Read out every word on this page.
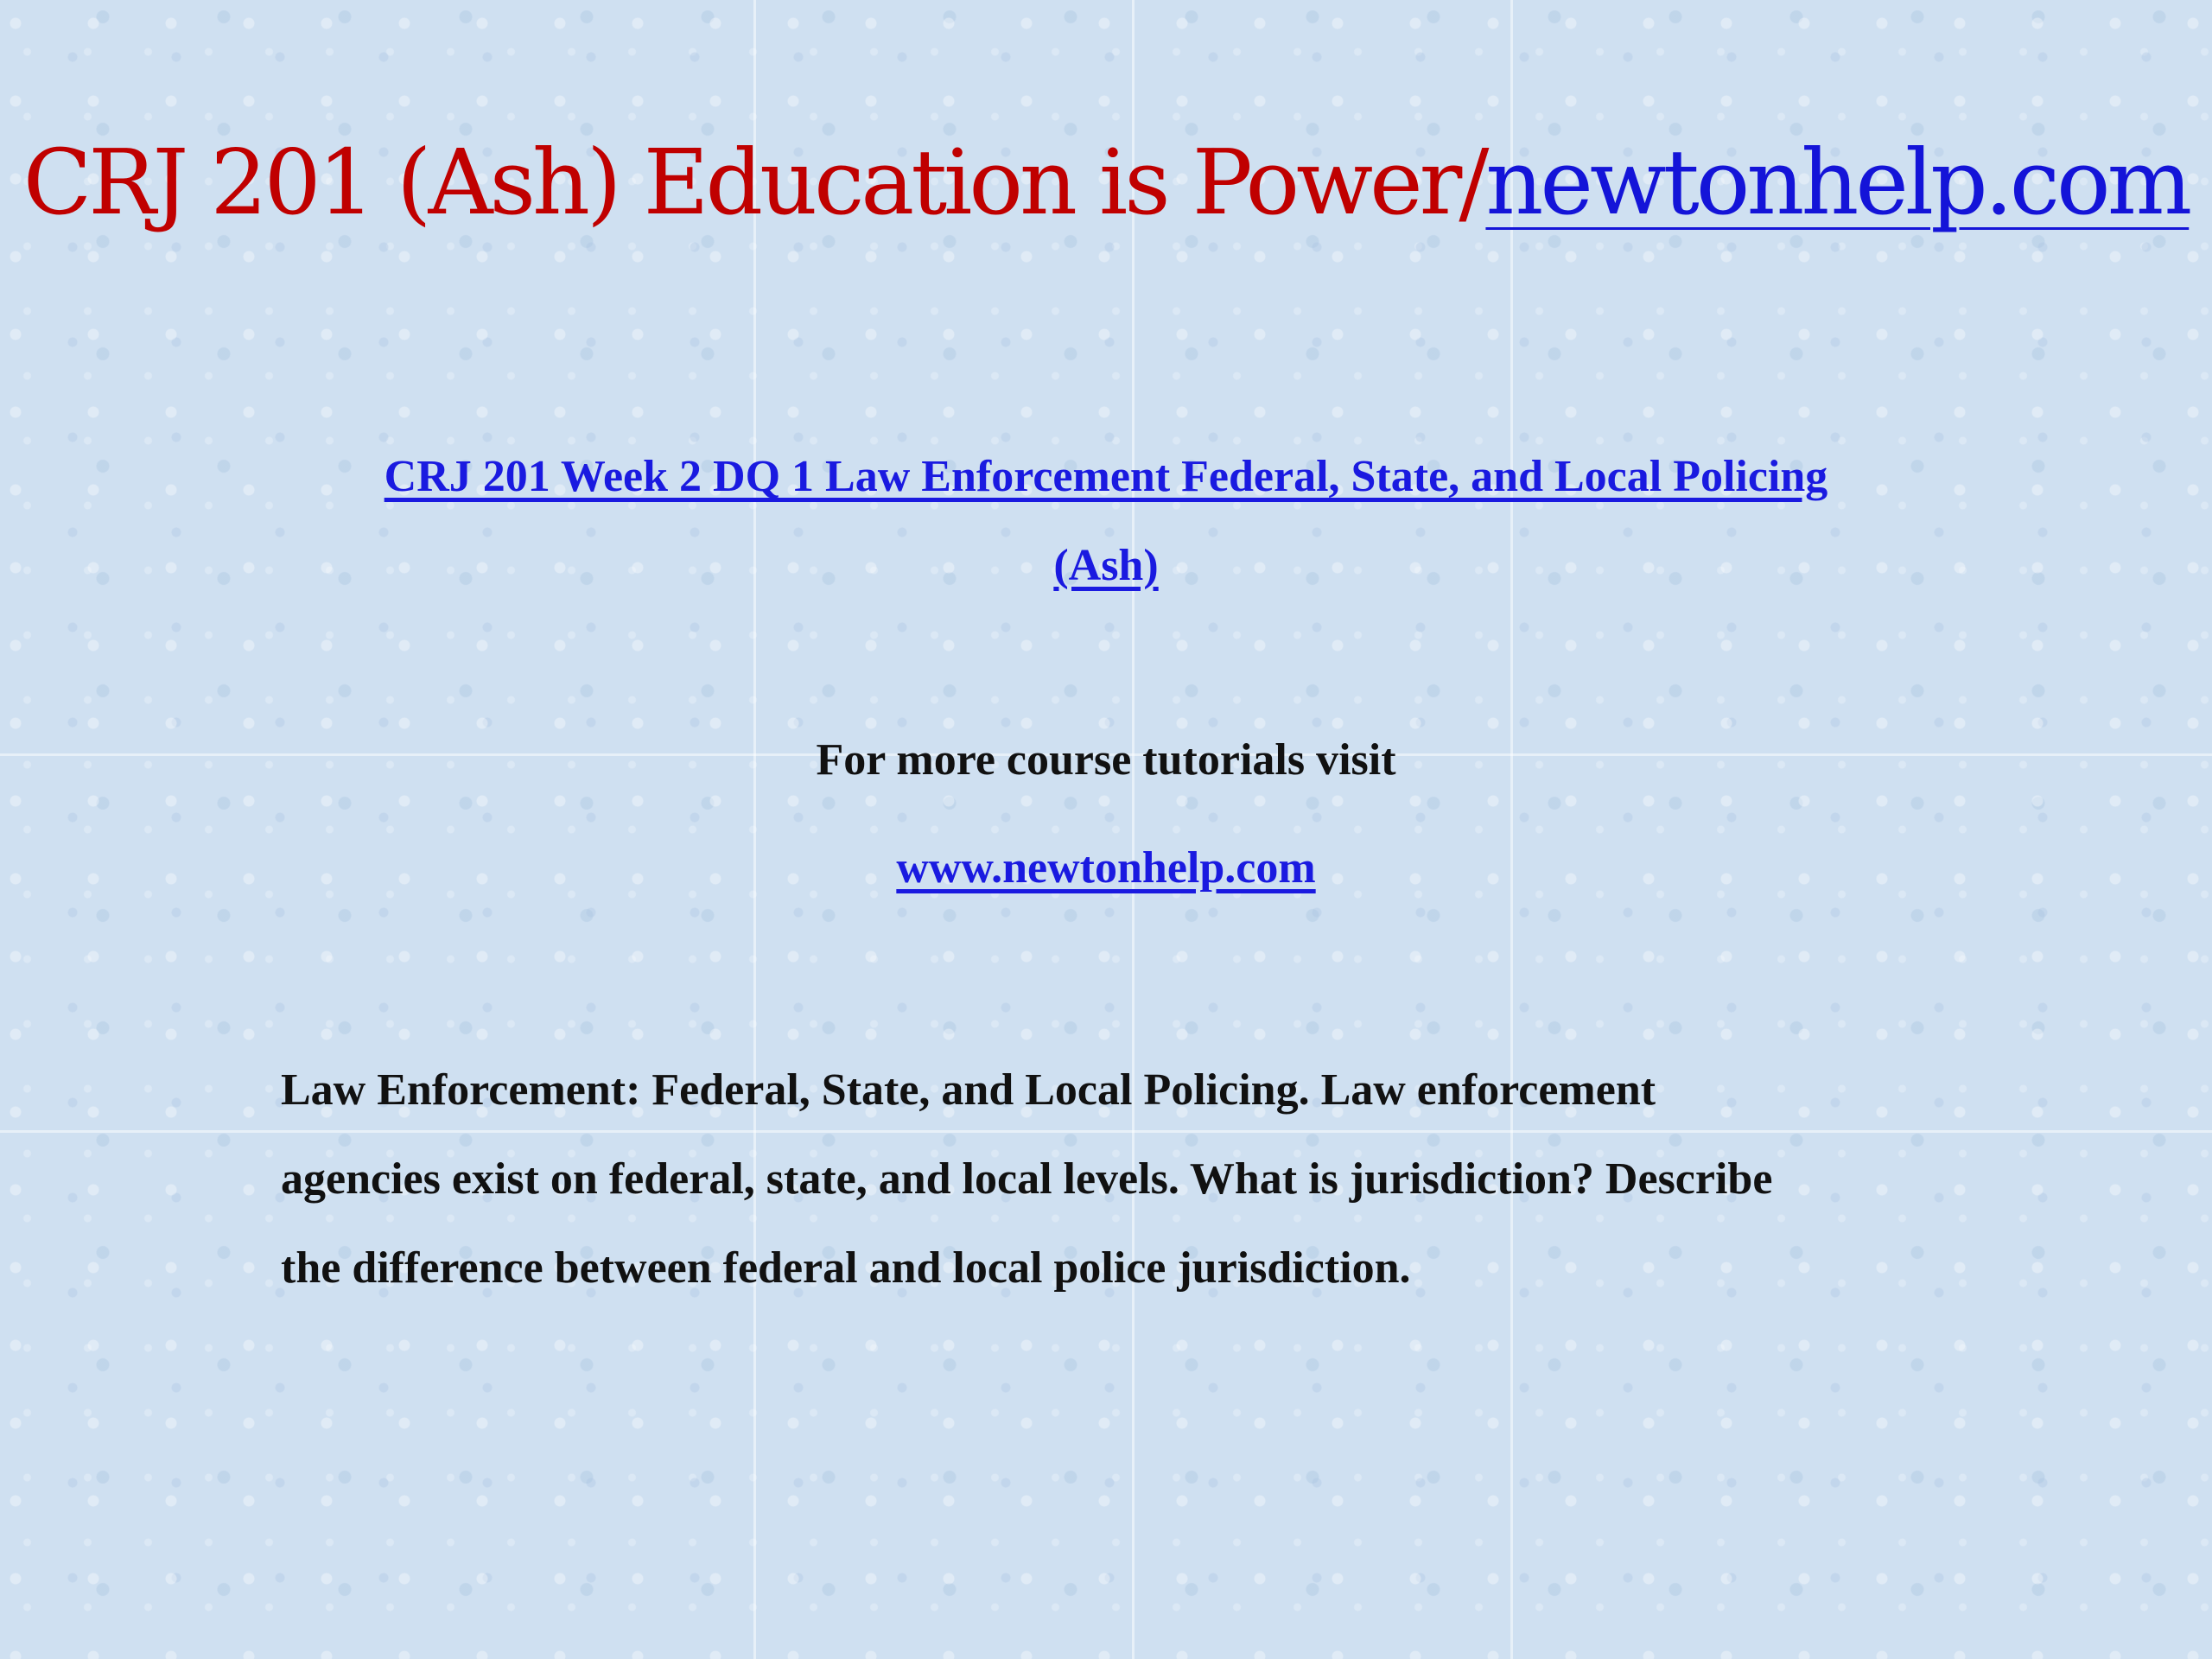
CRJ 201 (Ash) Education is Power/newtonhelp.com
CRJ 201 Week 2 DQ 1 Law Enforcement Federal, State, and Local Policing
(Ash)
For more course tutorials visit
www.newtonhelp.com
Law Enforcement: Federal, State, and Local Policing. Law enforcement
agencies exist on federal, state, and local levels. What is jurisdiction? Describe
the difference between federal and local police jurisdiction.
